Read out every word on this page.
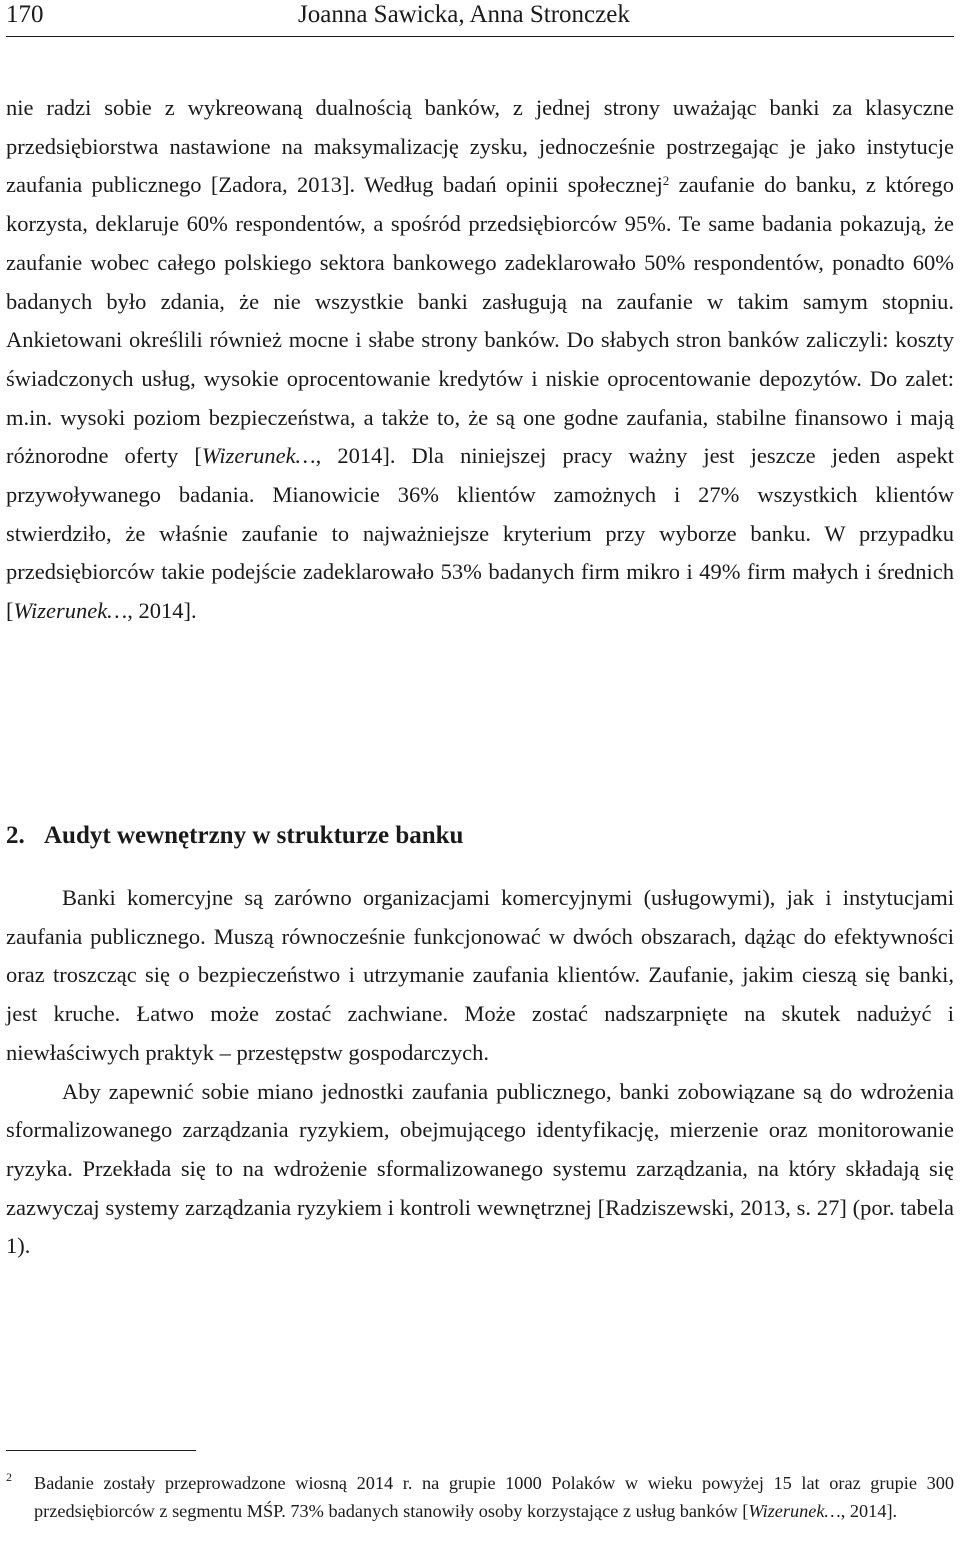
170	Joanna Sawicka, Anna Stronczek

nie radzi sobie z wykreowaną dualnością banków, z jednej strony uważając banki za klasyczne przedsiębiorstwa nastawione na maksymalizację zysku, jednocześnie postrzegając je jako instytucje zaufania publicznego [Zadora, 2013]. Według badań opinii społecznej$^2$ zaufanie do banku, z którego korzysta, deklaruje 60% respondentów, a spośród przedsiębiorców 95%. Te same badania pokazują, że zaufanie wobec całego polskiego sektora bankowego zadeklarowało 50% respondentów, ponadto 60% badanych było zdania, że nie wszystkie banki zasługują na zaufanie w takim samym stopniu. Ankietowani określili również mocne i słabe strony banków. Do słabych stron banków zaliczyli: koszty świadczonych usług, wysokie oprocentowanie kredytów i niskie oprocentowanie depozytów. Do zalet: m.in. wysoki poziom bezpieczeństwa, a także to, że są one godne zaufania, stabilne finansowo i mają różnorodne oferty [Wizerunek…, 2014]. Dla niniejszej pracy ważny jest jeszcze jeden aspekt przywoływanego badania. Mianowicie 36% klientów zamożnych i 27% wszystkich klientów stwierdziło, że właśnie zaufanie to najważniejsze kryterium przy wyborze banku. W przypadku przedsiębiorców takie podejście zadeklarowało 53% badanych firm mikro i 49% firm małych i średnich [Wizerunek…, 2014].

2. Audyt wewnętrzny w strukturze banku

Banki komercyjne są zarówno organizacjami komercyjnymi (usługowymi), jak i instytucjami zaufania publicznego. Muszą równocześnie funkcjonować w dwóch obszarach, dążąc do efektywności oraz troszcząc się o bezpieczeństwo i utrzymanie zaufania klientów. Zaufanie, jakim cieszą się banki, jest kruche. Łatwo może zostać zachwiane. Może zostać nadszarpnięte na skutek nadużyć i niewłaściwych praktyk – przestępstw gospodarczych.

Aby zapewnić sobie miano jednostki zaufania publicznego, banki zobowiązane są do wdrożenia sformalizowanego zarządzania ryzykiem, obejmującego identyfikację, mierzenie oraz monitorowanie ryzyka. Przekłada się to na wdrożenie sformalizowanego systemu zarządzania, na który składają się zazwyczaj systemy zarządzania ryzykiem i kontroli wewnętrznej [Radziszewski, 2013, s. 27] (por. tabela 1).

2 Badanie zostały przeprowadzone wiosną 2014 r. na grupie 1000 Polaków w wieku powyżej 15 lat oraz grupie 300 przedsiębiorców z segmentu MŚP. 73% badanych stanowiły osoby korzystające z usług banków [Wizerunek…, 2014].
